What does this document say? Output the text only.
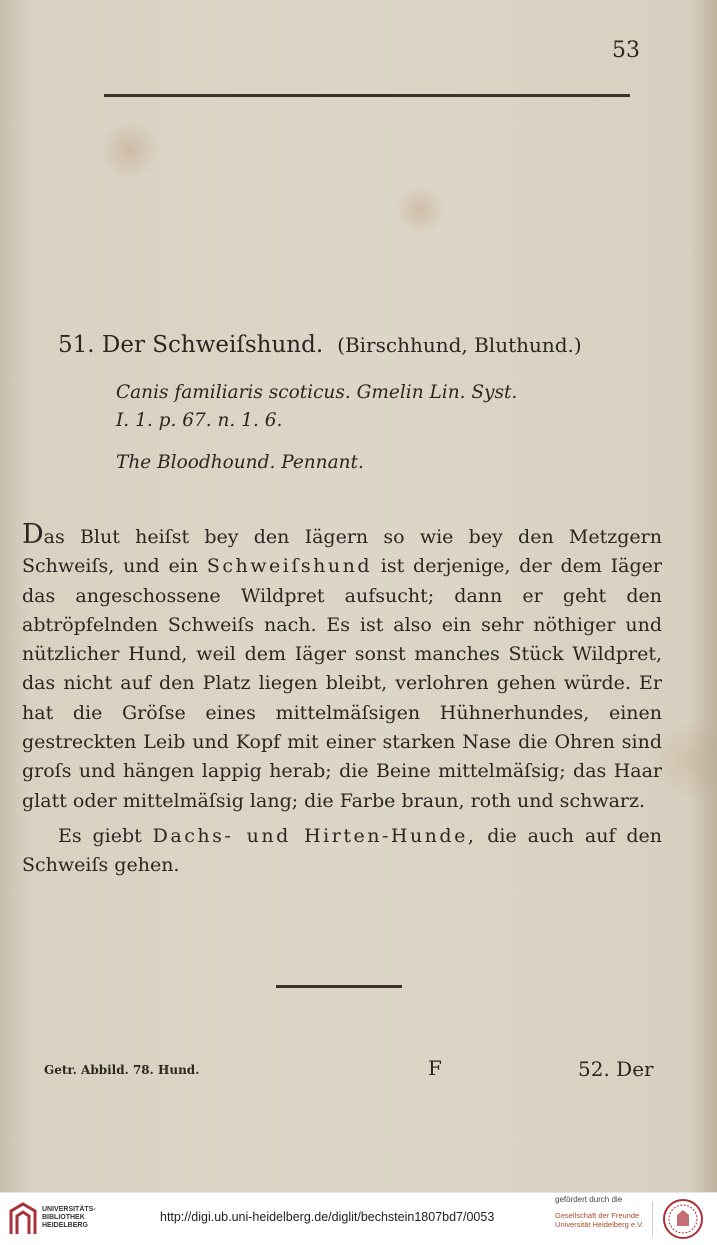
53
51. Der Schweiſshund. (Birschhund, Bluthund.)
Canis familiaris scoticus. Gmelin Lin. Syst.
I. 1. p. 67. n. 1. 6.
The Bloodhound. Pennant.

Das Blut heiſst bey den Iägern so wie bey den Metzgern Schweiſs, und ein Schweiſshund ist derjenige, der dem Iäger das angeschossene Wildpret aufsucht; dann er geht den abtröpfelnden Schweiſs nach. Es ist also ein sehr nöthiger und nützlicher Hund, weil dem Iäger sonst manches Stück Wildpret, das nicht auf den Platz liegen bleibt, verlohren gehen würde. Er hat die Gröſse eines mittelmäſsigen Hühnerhundes, einen gestreckten Leib und Kopf mit einer starken Nase die Ohren sind groſs und hängen lappig herab; die Beine mittelmäſsig; das Haar glatt oder mittelmäſsig lang; die Farbe braun, roth und schwarz.

Es giebt Dachs- und Hirten-Hunde, die auch auf den Schweiſs gehen.

Getr. Abbild. 78. Hund.	F	52. Der
UNIVERSITÄTS-
BIBLIOTHEK
HEIDELBERG
http://digi.ub.uni-heidelberg.de/diglit/bechstein1807bd7/0053
gefördert durch die
Gesellschaft der Freunde
Universität Heidelberg e.V.
